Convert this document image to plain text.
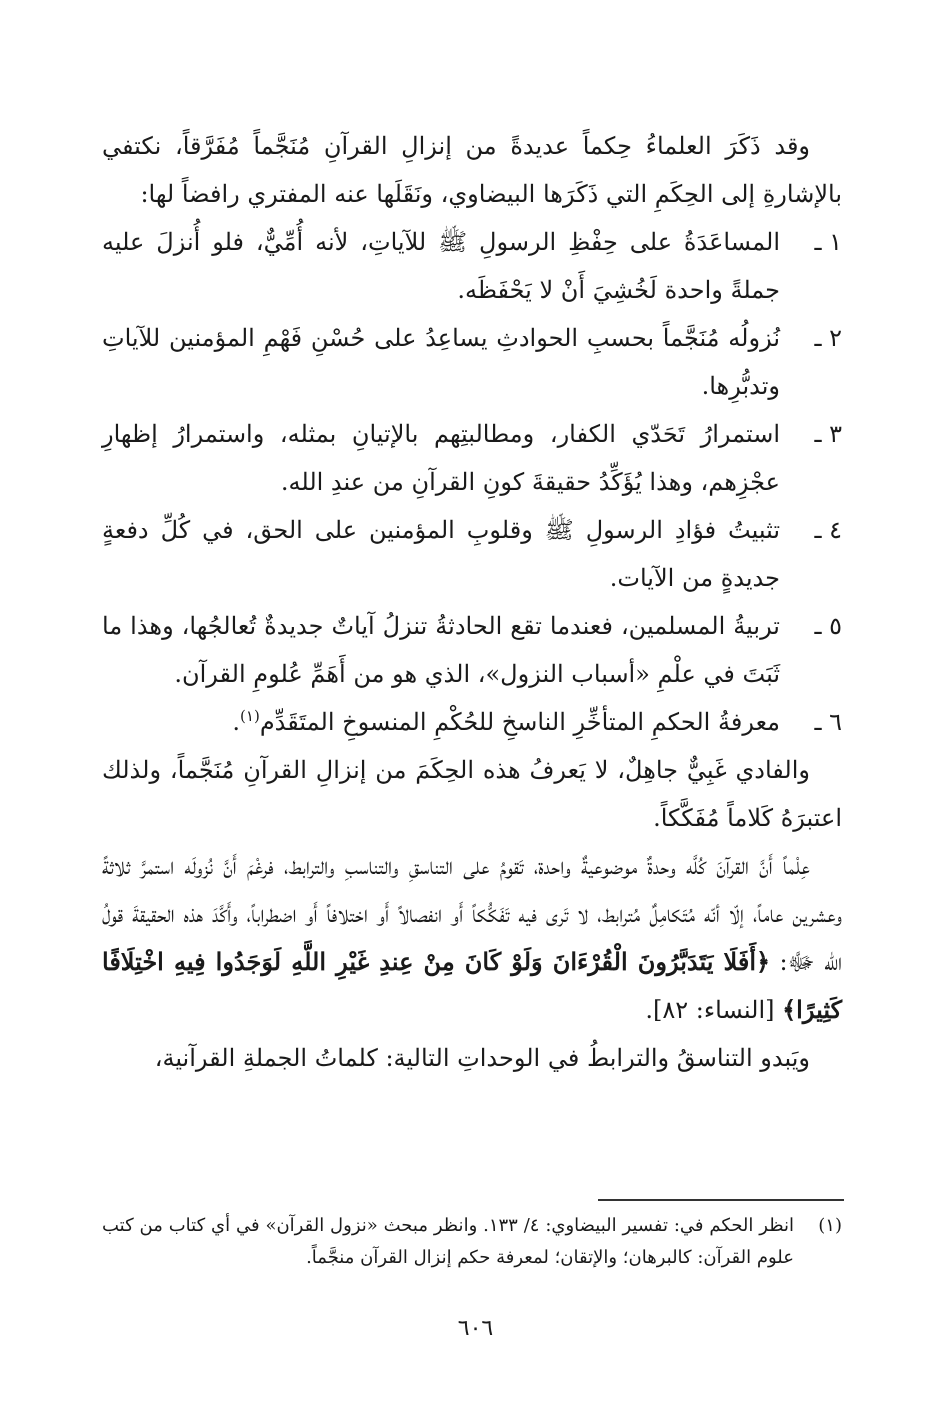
وقد ذَكَرَ العلماءُ حِكماً عديدةً من إنزالِ القرآنِ مُنَجَّماً مُفَرَّقاً، نكتفي بالإشارةِ إلى الحِكَمِ التي ذَكَرَها البيضاوي، ونَقَلَها عنه المفتري رافضاً لها:

١ ـ
المساعَدَةُ على حِفْظِ الرسولِ ﷺ للآياتِ، لأنه أُمِّيٌّ، فلو أُنزلَ عليه جملةً واحدة لَخُشِيَ أَنْ لا يَحْفَظَه.
٢ ـ
نُزولُه مُنَجَّماً بحسبِ الحوادثِ يساعِدُ على حُسْنِ فَهْمِ المؤمنين للآياتِ وتدبُّرِها.
٣ ـ
استمرارُ تَحَدّي الكفار، ومطالبتِهم بالإتيانِ بمثله، واستمرارُ إظهارِ عجْزِهم، وهذا يُؤَكِّدُ حقيقةَ كونِ القرآنِ من عندِ الله.
٤ ـ
تثبيتُ فؤادِ الرسولِ ﷺ وقلوبِ المؤمنين على الحق، في كُلِّ دفعةٍ جديدةٍ من الآيات.
٥ ـ
تربيةُ المسلمين، فعندما تقع الحادثةُ تنزلُ آياتٌ جديدةٌ تُعالجُها، وهذا ما ثَبَتَ في علْمِ «أسباب النزول»، الذي هو من أَهَمِّ عُلومِ القرآن.
٦ ـ
معرفةُ الحكمِ المتأخِّرِ الناسخِ للحُكْمِ المنسوخِ المتَقَدِّم$^{(١)}$.

والفادي غَبِيٌّ جاهِلٌ، لا يَعرفُ هذه الحِكَمَ من إنزالِ القرآنِ مُنَجَّماً، ولذلك اعتبرَهُ كَلاماً مُفَكَّكاً.

عِلْماً أَنَّ القرآنَ كُلَّه وحدةٌ موضوعيةٌ واحدة، تَقومُ على التناسقِ والتناسبِ والترابط، فرغْمَ أَنَّ نُزولَه استمرَّ ثلاثةً وعشرين عاماً، إلّا أنّه مُتَكامِلٌ مُترابط، لا تَرى فيه تَفَكُّكاً أَو انفصالاً أَو اختلافاً أَو اضطراباً، وأَكَّدَ هذه الحقيقةَ قولُ الله ﷻ: ﴿أَفَلَا يَتَدَبَّرُونَ الْقُرْءَانَ وَلَوْ كَانَ مِنْ عِندِ غَيْرِ اللَّهِ لَوَجَدُوا فِيهِ اخْتِلَافًا كَثِيرًا﴾ [النساء: ٨٢].

ويَبدو التناسقُ والترابطُ في الوحداتِ التالية: كلماتُ الجملةِ القرآنية،

(١)
انظر الحكم في: تفسير البيضاوي: ٤/ ١٣٣. وانظر مبحث «نزول القرآن» في أي كتاب من كتب علوم القرآن: كالبرهان؛ والإتقان؛ لمعرفة حكم إنزال القرآن منجَّماً.
٦٠٦
